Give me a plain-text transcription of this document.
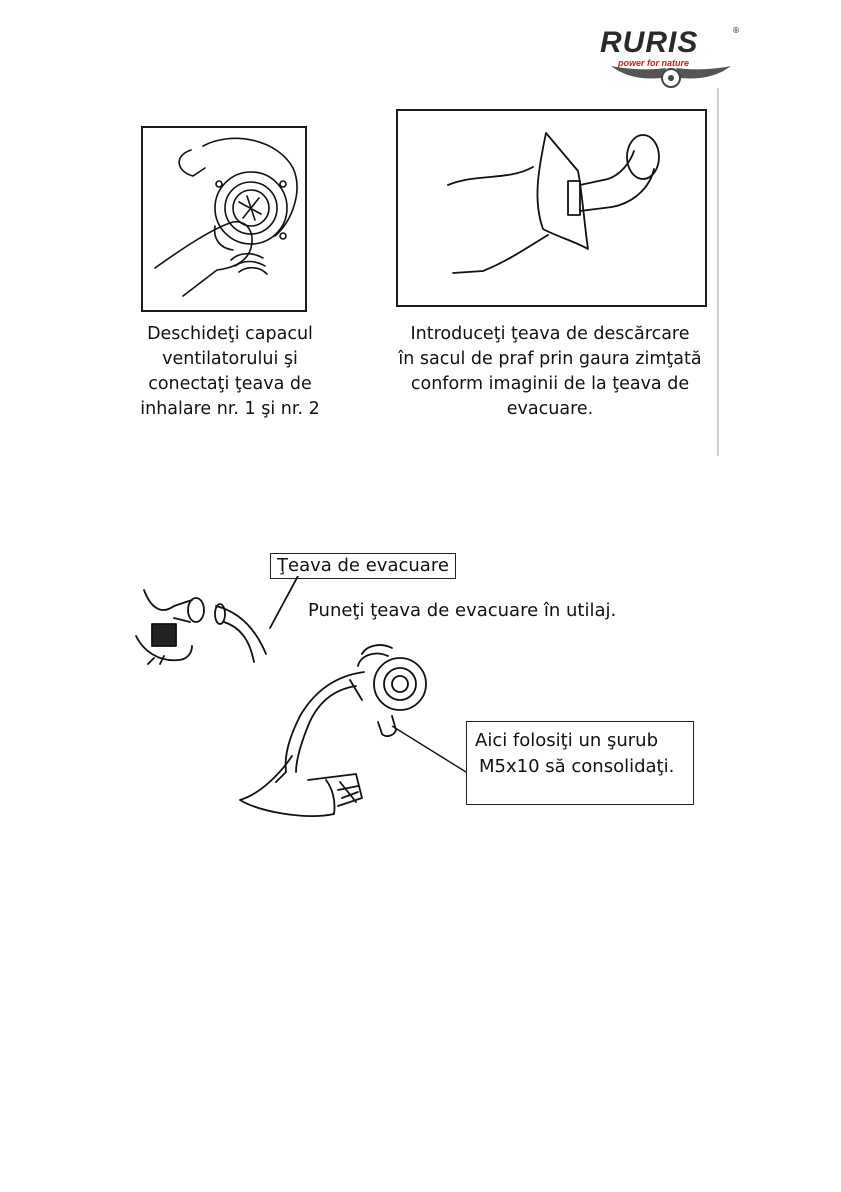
RURIS	®
power for nature
Deschideţi capacul
ventilatorului şi
conectaţi ţeava de
inhalare nr. 1 şi nr. 2
Introduceţi ţeava de descărcare
în sacul de praf prin gaura zimţată
conform imaginii de la ţeava de
evacuare.
Ţeava de evacuare
Puneţi ţeava de evacuare în utilaj.
Aici folosiţi un şurub
M5x10 să consolidaţi.
